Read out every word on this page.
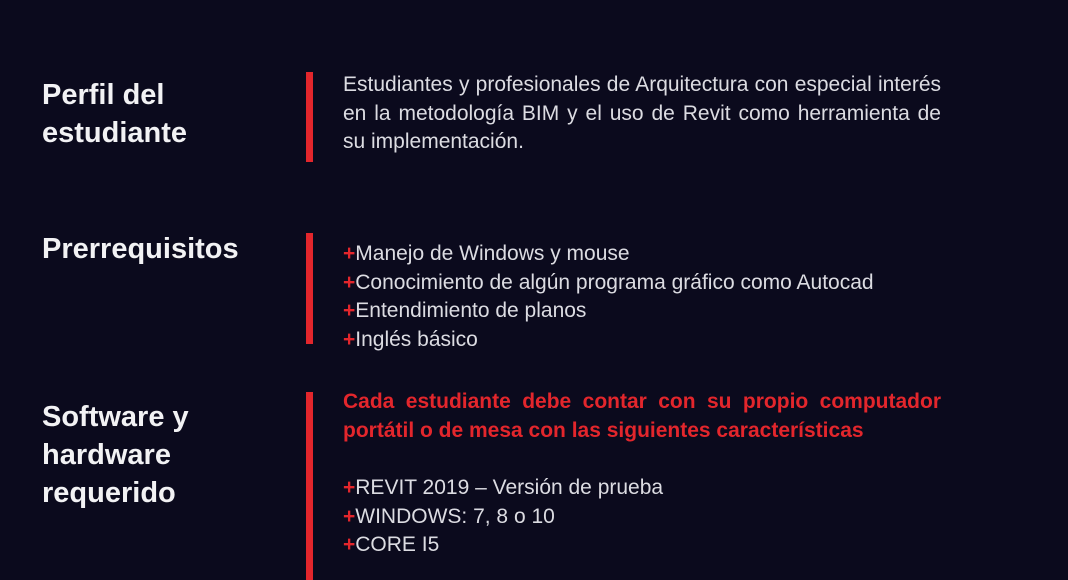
Perfil del estudiante
Estudiantes y profesionales de Arquitectura con especial interés en la metodología BIM y el uso de Revit como herramienta de su implementación.
Prerrequisitos	+Manejo de Windows y mouse
+Conocimiento de algún programa gráfico como Autocad
+Entendimiento de planos
+Inglés básico
Software y hardware requerido
Cada estudiante debe contar con su propio computador portátil o de mesa con las siguientes características
+REVIT 2019 – Versión de prueba
+WINDOWS: 7, 8 o 10
+CORE I5
